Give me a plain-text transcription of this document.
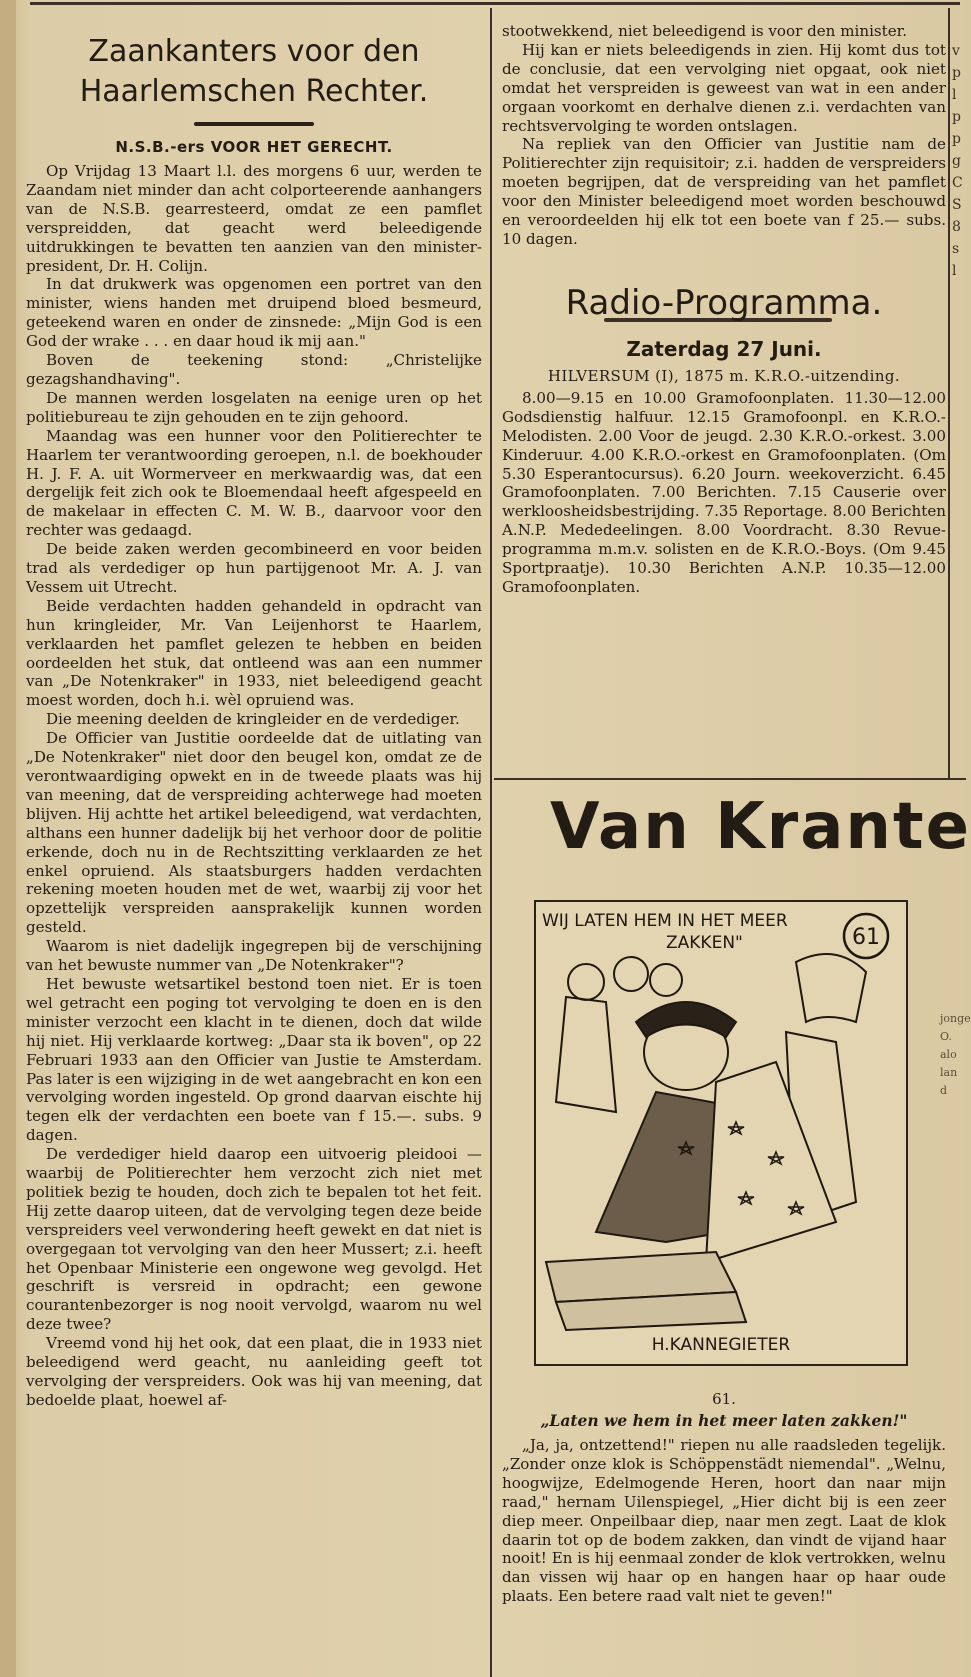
Zaankanters voor den Haarlemschen Rechter.
N.S.B.-ers VOOR HET GERECHT.

Op Vrijdag 13 Maart l.l. des morgens 6 uur, werden te Zaandam niet minder dan acht colporteerende aanhangers van de N.S.B. gearresteerd, omdat ze een pamflet verspreidden, dat geacht werd beleedigende uitdrukkingen te bevatten ten aanzien van den minister-president, Dr. H. Colijn.

In dat drukwerk was opgenomen een portret van den minister, wiens handen met druipend bloed besmeurd, geteekend waren en onder de zinsnede: „Mijn God is een God der wrake . . . en daar houd ik mij aan."

Boven de teekening stond: „Christelijke gezagshandhaving".

De mannen werden losgelaten na eenige uren op het politiebureau te zijn gehouden en te zijn gehoord.

Maandag was een hunner voor den Politierechter te Haarlem ter verantwoording geroepen, n.l. de boekhouder H. J. F. A. uit Wormerveer en merkwaardig was, dat een dergelijk feit zich ook te Bloemendaal heeft afgespeeld en de makelaar in effecten C. M. W. B., daarvoor voor den rechter was gedaagd.

De beide zaken werden gecombineerd en voor beiden trad als verdediger op hun partijgenoot Mr. A. J. van Vessem uit Utrecht.

Beide verdachten hadden gehandeld in opdracht van hun kringleider, Mr. Van Leijenhorst te Haarlem, verklaarden het pamflet gelezen te hebben en beiden oordeelden het stuk, dat ontleend was aan een nummer van „De Notenkraker" in 1933, niet beleedigend geacht moest worden, doch h.i. wèl opruiend was.

Die meening deelden de kringleider en de verdediger.

De Officier van Justitie oordeelde dat de uitlating van „De Notenkraker" niet door den beugel kon, omdat ze de verontwaardiging opwekt en in de tweede plaats was hij van meening, dat de verspreiding achterwege had moeten blijven. Hij achtte het artikel beleedigend, wat verdachten, althans een hunner dadelijk bij het verhoor door de politie erkende, doch nu in de Rechtszitting verklaarden ze het enkel opruiend. Als staatsburgers hadden verdachten rekening moeten houden met de wet, waarbij zij voor het opzettelijk verspreiden aansprakelijk kunnen worden gesteld.

Waarom is niet dadelijk ingegrepen bij de verschijning van het bewuste nummer van „De Notenkraker"?

Het bewuste wetsartikel bestond toen niet. Er is toen wel getracht een poging tot vervolging te doen en is den minister verzocht een klacht in te dienen, doch dat wilde hij niet. Hij verklaarde kortweg: „Daar sta ik boven", op 22 Februari 1933 aan den Officier van Justie te Amsterdam. Pas later is een wijziging in de wet aangebracht en kon een vervolging worden ingesteld. Op grond daarvan eischte hij tegen elk der verdachten een boete van f 15.—. subs. 9 dagen.

De verdediger hield daarop een uitvoerig pleidooi — waarbij de Politierechter hem verzocht zich niet met politiek bezig te houden, doch zich te bepalen tot het feit. Hij zette daarop uiteen, dat de vervolging tegen deze beide verspreiders veel verwondering heeft gewekt en dat niet is overgegaan tot vervolging van den heer Mussert; z.i. heeft het Openbaar Ministerie een ongewone weg gevolgd. Het geschrift is versreid in opdracht; een gewone courantenbezorger is nog nooit vervolgd, waarom nu wel deze twee?

Vreemd vond hij het ook, dat een plaat, die in 1933 niet beleedigend werd geacht, nu aanleiding geeft tot vervolging der verspreiders. Ook was hij van meening, dat bedoelde plaat, hoewel af-

stootwekkend, niet beleedigend is voor den minister.

Hij kan er niets beleedigends in zien. Hij komt dus tot de conclusie, dat een vervolging niet opgaat, ook niet omdat het verspreiden is geweest van wat in een ander orgaan voorkomt en derhalve dienen z.i. verdachten van rechtsvervolging te worden ontslagen.

Na repliek van den Officier van Justitie nam de Politierechter zijn requisitoir; z.i. hadden de verspreiders moeten begrijpen, dat de verspreiding van het pamflet voor den Minister beleedigend moet worden beschouwd en veroordeelden hij elk tot een boete van f 25.— subs. 10 dagen.

Radio-Programma.
Zaterdag 27 Juni.
HILVERSUM (I), 1875 m. K.R.O.-uitzending.

8.00—9.15 en 10.00 Gramofoonplaten. 11.30—12.00 Godsdienstig halfuur. 12.15 Gramofoonpl. en K.R.O.-Melodisten. 2.00 Voor de jeugd. 2.30 K.R.O.-orkest. 3.00 Kinderuur. 4.00 K.R.O.-orkest en Gramofoonplaten. (Om 5.30 Esperantocursus). 6.20 Journ. weekoverzicht. 6.45 Gramofoonplaten. 7.00 Berichten. 7.15 Causerie over werkloosheidsbestrijding. 7.35 Reportage. 8.00 Berichten A.N.P. Mededeelingen. 8.00 Voordracht. 8.30 Revue-programma m.m.v. solisten en de K.R.O.-Boys. (Om 9.45 Sportpraatje). 10.30 Berichten A.N.P. 10.35—12.00 Gramofoonplaten.

Van Krante
WIJ LATEN HEM IN HET MEER ZAKKEN"	61
H.KANNEGIETER
61.
„Laten we hem in het meer laten zakken!"

„Ja, ja, ontzettend!" riepen nu alle raadsleden tegelijk. „Zonder onze klok is Schöppenstädt niemendal". „Welnu, hoogwijze, Edelmogende Heren, hoort dan naar mijn raad," hernam Uilenspiegel, „Hier dicht bij is een zeer diep meer. Onpeilbaar diep, naar men zegt. Laat de klok daarin tot op de bodem zakken, dan vindt de vijand haar nooit! En is hij eenmaal zonder de klok vertrokken, welnu dan vissen wij haar op en hangen haar op haar oude plaats. Een betere raad valt niet te geven!"

v
p
l
p
p
g
C
S
8
s
l
jonge
O.
alo
lan
d
